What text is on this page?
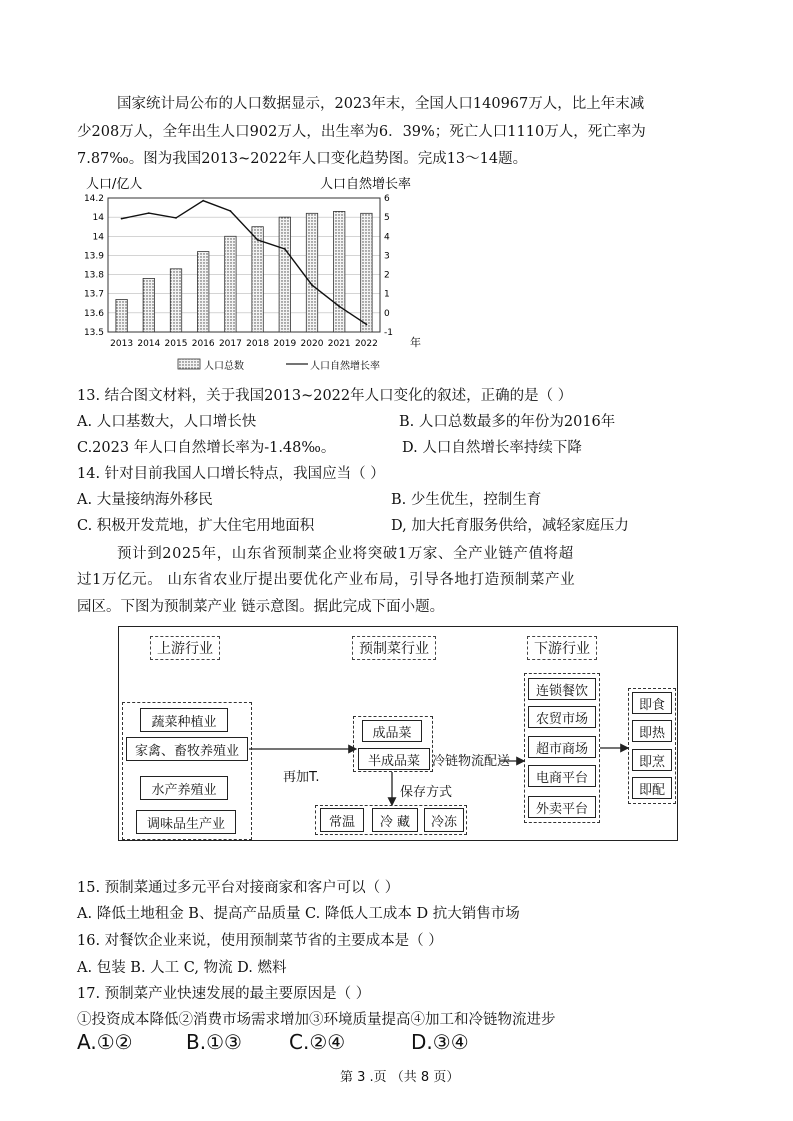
国家统计局公布的人口数据显示，2023年末，全国人口140967万人，比上年末减
少208万人，全年出生人口902万人，出生率为6．39%；死亡人口1110万人，死亡率为
7.87‰。图为我国2013~2022年人口变化趋势图。完成13～14题。
人口/亿人	人口自然增长率
14.2
14
14
13.9
13.8
13.7
13.6
13.5
6
5
4
3
2
1
0
-1
2013 2014 2015 2016 2017 2018 2019 2020 2021 2022	年
人口总数	人口自然增长率
13. 结合图文材料，关于我国2013~2022年人口变化的叙述，正确的是（ ）
A. 人口基数大，人口增长快	B. 人口总数最多的年份为2016年
C.2023 年人口自然增长率为-1.48‰。	D. 人口自然增长率持续下降
14. 针对目前我国人口增长特点，我国应当（ ）
A. 大量接纳海外移民	B. 少生优生，控制生育
C. 积极开发荒地，扩大住宅用地面积	D, 加大托育服务供给，减轻家庭压力
预计到2025年，山东省预制菜企业将突破1万家、全产业链产值将超
过1万亿元。 山东省农业厅提出要优化产业布局，引导各地打造预制菜产业
园区。下图为预制菜产业 链示意图。据此完成下面小题。
上游行业	预制菜行业	下游行业
蔬菜种植业
家禽、畜牧养殖业
水产养殖业
调味品生产业
成品菜
半成品菜 冷链物流配送
再加T.
保存方式
常温	冷 藏	冷冻
连锁餐饮
农贸市场
超市商场
电商平台
外卖平台
即食
即热
即烹
即配
15. 预制菜通过多元平台对接商家和客户可以（ ）
A. 降低土地租金 B、提高产品质量 C. 降低人工成本 D 抗大销售市场
16. 对餐饮企业来说，使用预制菜节省的主要成本是（ ）
A. 包装 B. 人工 C, 物流 D. 燃料
17. 预制菜产业快速发展的最主要原因是（ ）
①投资成本降低②消费市场需求增加③环境质量提高④加工和冷链物流进步
A.①②	B.①③ C.②④	D.③④
第 3 .页 （共 8 页）
